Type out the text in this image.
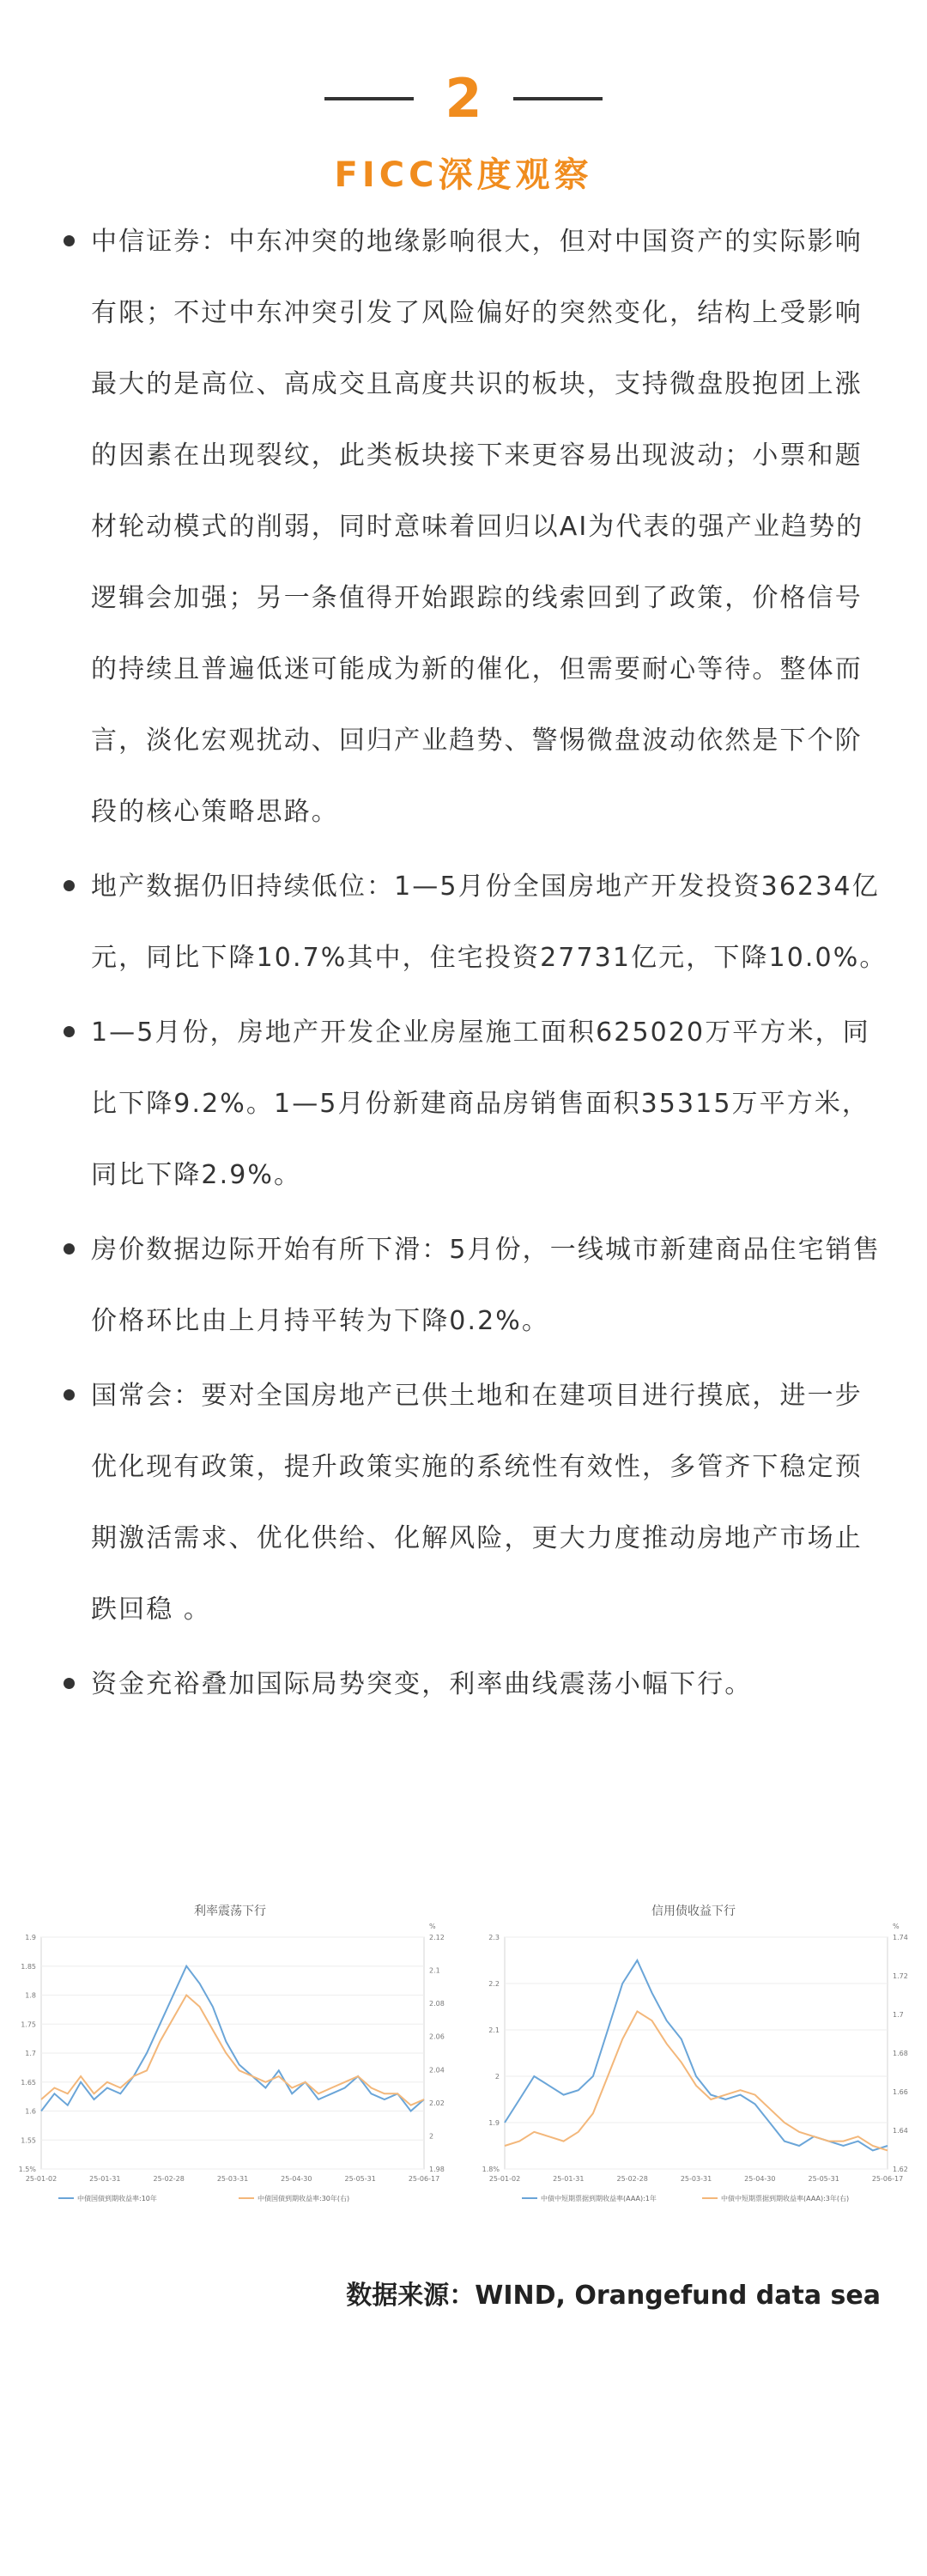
2
FICC深度观察
中信证券：中东冲突的地缘影响很大，但对中国资产的实际影响有限；不过中东冲突引发了风险偏好的突然变化，结构上受影响最大的是高位、高成交且高度共识的板块，支持微盘股抱团上涨的因素在出现裂纹，此类板块接下来更容易出现波动；小票和题材轮动模式的削弱，同时意味着回归以AI为代表的强产业趋势的逻辑会加强；另一条值得开始跟踪的线索回到了政策，价格信号的持续且普遍低迷可能成为新的催化，但需要耐心等待。整体而言，淡化宏观扰动、回归产业趋势、警惕微盘波动依然是下个阶段的核心策略思路。
地产数据仍旧持续低位：1—5月份全国房地产开发投资36234亿元，同比下降10.7%其中，住宅投资27731亿元，下降10.0%。
1—5月份，房地产开发企业房屋施工面积625020万平方米，同比下降9.2%。1—5月份新建商品房销售面积35315万平方米，同比下降2.9%。
房价数据边际开始有所下滑：5月份，一线城市新建商品住宅销售价格环比由上月持平转为下降0.2%。
国常会：要对全国房地产已供土地和在建项目进行摸底，进一步优化现有政策，提升政策实施的系统性有效性，多管齐下稳定预期激活需求、优化供给、化解风险，更大力度推动房地产市场止跌回稳 。
资金充裕叠加国际局势突变，利率曲线震荡小幅下行。
利率震荡下行
1.5%
1.55
1.6
1.65
1.7
1.75
1.8
1.85
1.9
1.98
2
2.02
2.04
2.06
2.08
2.1
2.12
%
25-01-02	25-01-31	25-02-28	25-03-31	25-04-30	25-05-31	25-06-17
中债国债到期收益率:10年	中债国债到期收益率:30年(右)
信用债收益下行
1.8%
1.9
2
2.1
2.2
2.3
1.62
1.64
1.66
1.68
1.7
1.72
1.74
%
25-01-02	25-01-31	25-02-28	25-03-31	25-04-30	25-05-31	25-06-17
中债中短期票据到期收益率(AAA):1年	中债中短期票据到期收益率(AAA):3年(右)
数据来源：WIND, Orangefund data sea
